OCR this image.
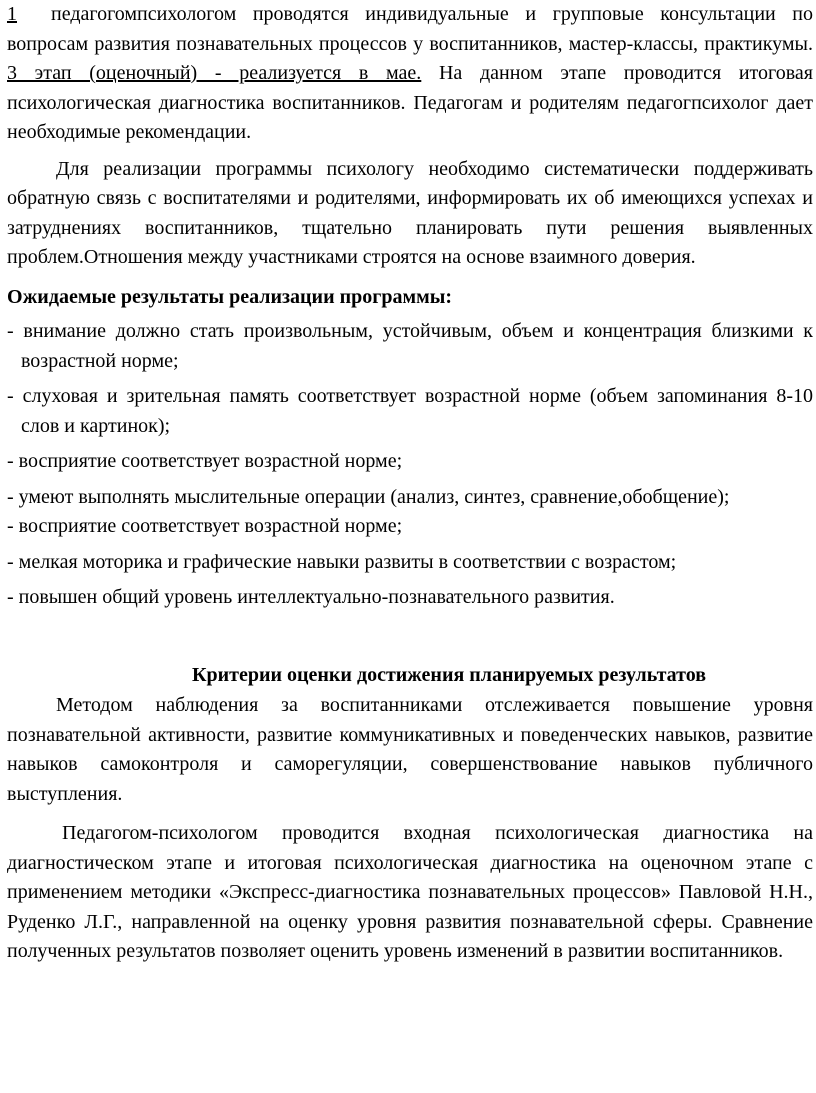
1 педагогомпсихологом проводятся индивидуальные и групповые консультации по вопросам развития познавательных процессов у воспитанников, мастер-классы, практикумы. 3 этап (оценочный) - реализуется в мае. На данном этапе проводится итоговая психологическая диагностика воспитанников. Педагогам и родителям педагогпсихолог дает необходимые рекомендации.

Для реализации программы психологу необходимо систематически поддерживать обратную связь с воспитателями и родителями, информировать их об имеющихся успехах и затруднениях воспитанников, тщательно планировать пути решения выявленных проблем.Отношения между участниками строятся на основе взаимного доверия.

Ожидаемые результаты реализации программы:

- внимание должно стать произвольным, устойчивым, объем и концентрация близкими к возрастной норме;
- слуховая и зрительная память соответствует возрастной норме (объем запоминания 8-10 слов и картинок);
- восприятие соответствует возрастной норме;
- умеют выполнять мыслительные операции (анализ, синтез, сравнение,обобщение);
- восприятие соответствует возрастной норме;
- мелкая моторика и графические навыки развиты в соответствии с возрастом;
- повышен общий уровень интеллектуально-познавательного развития.

Критерии оценки достижения планируемых результатов

Методом наблюдения за воспитанниками отслеживается повышение уровня познавательной активности, развитие коммуникативных и поведенческих навыков, развитие навыков самоконтроля и саморегуляции, совершенствование навыков публичного выступления.

Педагогом-психологом проводится входная психологическая диагностика на диагностическом этапе и итоговая психологическая диагностика на оценочном этапе с применением методики «Экспресс-диагностика познавательных процессов» Павловой Н.Н., Руденко Л.Г., направленной на оценку уровня развития познавательной сферы. Сравнение полученных результатов позволяет оценить уровень изменений в развитии воспитанников.
